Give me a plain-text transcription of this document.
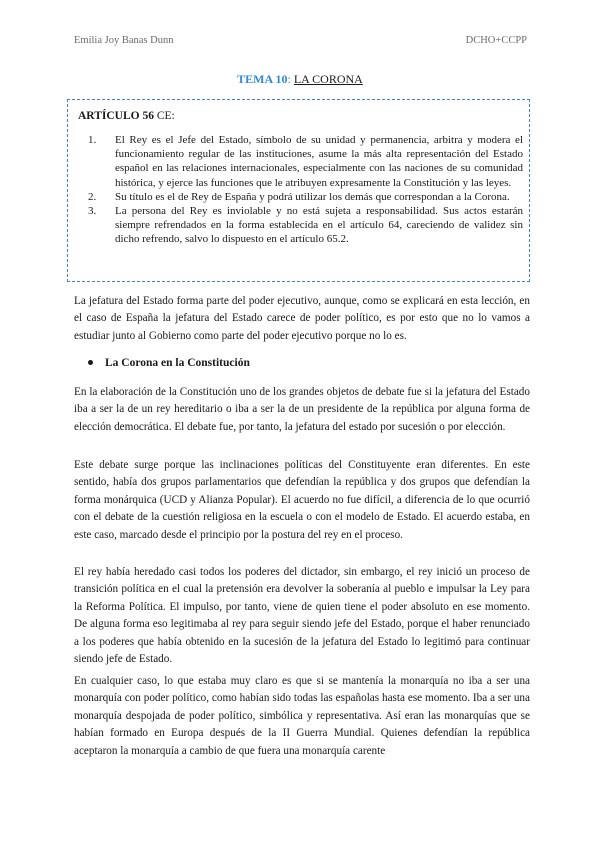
Emilia Joy Banas Dunn	DCHO+CCPP
TEMA 10: LA CORONA
ARTÍCULO 56 CE:
1. El Rey es el Jefe del Estado, símbolo de su unidad y permanencia, arbitra y modera el funcionamiento regular de las instituciones, asume la más alta representación del Estado español en las relaciones internacionales, especialmente con las naciones de su comunidad histórica, y ejerce las funciones que le atribuyen expresamente la Constitución y las leyes.
2. Su título es el de Rey de España y podrá utilizar los demás que correspondan a la Corona.
3. La persona del Rey es inviolable y no está sujeta a responsabilidad. Sus actos estarán siempre refrendados en la forma establecida en el artículo 64, careciendo de validez sin dicho refrendo, salvo lo dispuesto en el artículo 65.2.

La jefatura del Estado forma parte del poder ejecutivo, aunque, como se explicará en esta lección, en el caso de España la jefatura del Estado carece de poder político, es por esto que no lo vamos a estudiar junto al Gobierno como parte del poder ejecutivo porque no lo es.

La Corona en la Constitución

En la elaboración de la Constitución uno de los grandes objetos de debate fue si la jefatura del Estado iba a ser la de un rey hereditario o iba a ser la de un presidente de la república por alguna forma de elección democrática. El debate fue, por tanto, la jefatura del estado por sucesión o por elección.

Este debate surge porque las inclinaciones políticas del Constituyente eran diferentes. En este sentido, había dos grupos parlamentarios que defendían la república y dos grupos que defendían la forma monárquica (UCD y Alianza Popular). El acuerdo no fue difícil, a diferencia de lo que ocurrió con el debate de la cuestión religiosa en la escuela o con el modelo de Estado. El acuerdo estaba, en este caso, marcado desde el principio por la postura del rey en el proceso.

El rey había heredado casi todos los poderes del dictador, sin embargo, el rey inició un proceso de transición política en el cual la pretensión era devolver la soberanía al pueblo e impulsar la Ley para la Reforma Política. El impulso, por tanto, viene de quien tiene el poder absoluto en ese momento. De alguna forma eso legitimaba al rey para seguir siendo jefe del Estado, porque el haber renunciado a los poderes que había obtenido en la sucesión de la jefatura del Estado lo legitimó para continuar siendo jefe de Estado.

En cualquier caso, lo que estaba muy claro es que si se mantenía la monarquía no iba a ser una monarquía con poder político, como habían sido todas las españolas hasta ese momento. Iba a ser una monarquía despojada de poder político, simbólica y representativa. Así eran las monarquías que se habían formado en Europa después de la II Guerra Mundial. Quienes defendían la república aceptaron la monarquía a cambio de que fuera una monarquía carente
